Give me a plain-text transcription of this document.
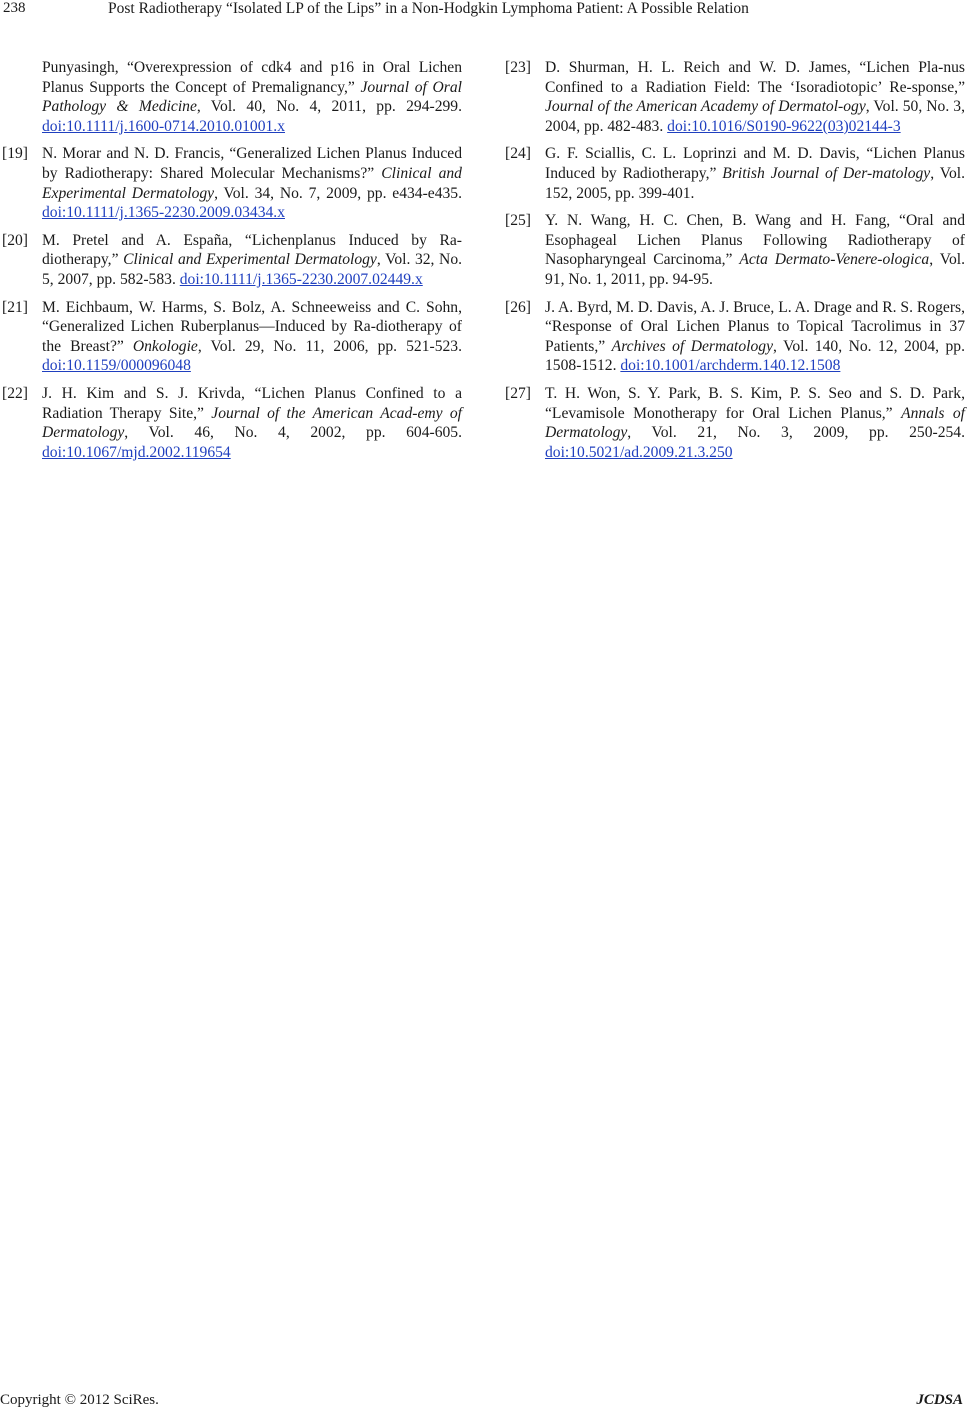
238	Post Radiotherapy “Isolated LP of the Lips” in a Non-Hodgkin Lymphoma Patient: A Possible Relation
Punyasingh, “Overexpression of cdk4 and p16 in Oral Lichen Planus Supports the Concept of Premalignancy,” Journal of Oral Pathology & Medicine, Vol. 40, No. 4, 2011, pp. 294-299. doi:10.1111/j.1600-0714.2010.01001.x
[19] N. Morar and N. D. Francis, “Generalized Lichen Planus Induced by Radiotherapy: Shared Molecular Mechanisms?” Clinical and Experimental Dermatology, Vol. 34, No. 7, 2009, pp. e434-e435. doi:10.1111/j.1365-2230.2009.03434.x
[20] M. Pretel and A. España, “Lichenplanus Induced by Ra-diotherapy,” Clinical and Experimental Dermatology, Vol. 32, No. 5, 2007, pp. 582-583. doi:10.1111/j.1365-2230.2007.02449.x
[21] M. Eichbaum, W. Harms, S. Bolz, A. Schneeweiss and C. Sohn, “Generalized Lichen Ruberplanus—Induced by Ra-diotherapy of the Breast?” Onkologie, Vol. 29, No. 11, 2006, pp. 521-523. doi:10.1159/000096048
[22] J. H. Kim and S. J. Krivda, “Lichen Planus Confined to a Radiation Therapy Site,” Journal of the American Acad-emy of Dermatology, Vol. 46, No. 4, 2002, pp. 604-605. doi:10.1067/mjd.2002.119654
[23] D. Shurman, H. L. Reich and W. D. James, “Lichen Pla-nus Confined to a Radiation Field: The ‘Isoradiotopic’ Re-sponse,” Journal of the American Academy of Dermatol-ogy, Vol. 50, No. 3, 2004, pp. 482-483. doi:10.1016/S0190-9622(03)02144-3
[24] G. F. Sciallis, C. L. Loprinzi and M. D. Davis, “Lichen Planus Induced by Radiotherapy,” British Journal of Der-matology, Vol. 152, 2005, pp. 399-401.
[25] Y. N. Wang, H. C. Chen, B. Wang and H. Fang, “Oral and Esophageal Lichen Planus Following Radiotherapy of Nasopharyngeal Carcinoma,” Acta Dermato-Venere-ologica, Vol. 91, No. 1, 2011, pp. 94-95.
[26] J. A. Byrd, M. D. Davis, A. J. Bruce, L. A. Drage and R. S. Rogers, “Response of Oral Lichen Planus to Topical Tacrolimus in 37 Patients,” Archives of Dermatology, Vol. 140, No. 12, 2004, pp. 1508-1512. doi:10.1001/archderm.140.12.1508
[27] T. H. Won, S. Y. Park, B. S. Kim, P. S. Seo and S. D. Park, “Levamisole Monotherapy for Oral Lichen Planus,” Annals of Dermatology, Vol. 21, No. 3, 2009, pp. 250-254. doi:10.5021/ad.2009.21.3.250
Copyright © 2012 SciRes.	JCDSA
